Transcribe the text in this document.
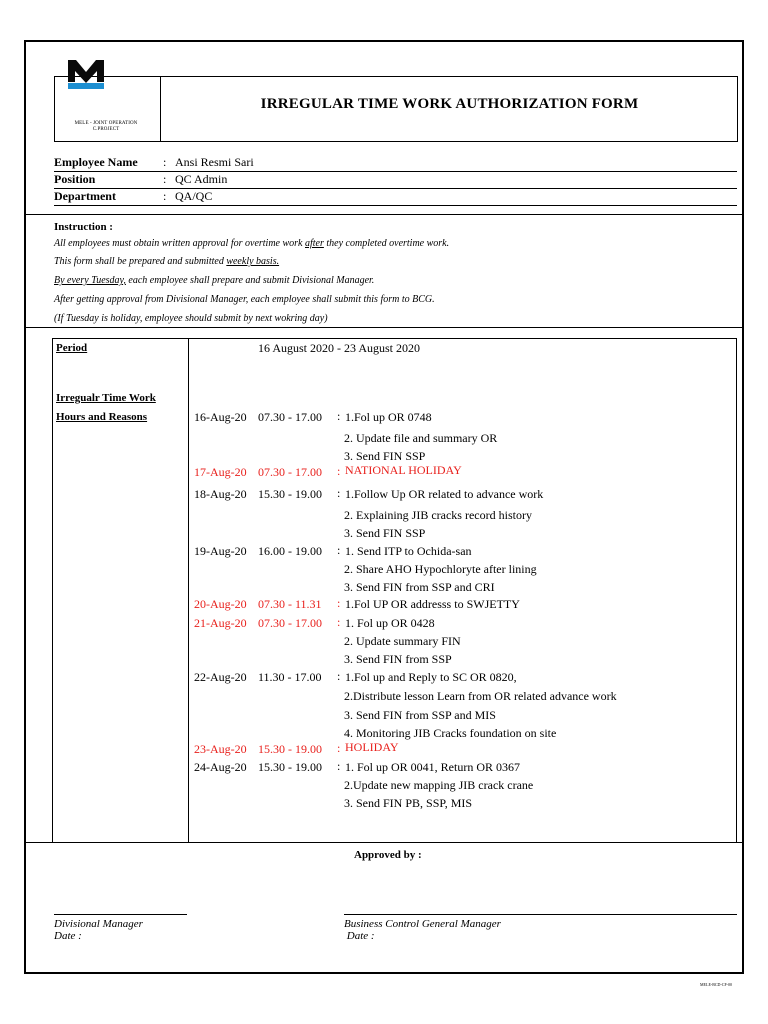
MELE - JOINT OPERATION
C.PROJECT
IRREGULAR TIME WORK AUTHORIZATION FORM
Employee Name : Ansi Resmi Sari
Position	: QC Admin
Department	: QA/QC
Instruction :
All employees must obtain written approval for overtime work after they completed overtime work.
This form shall be prepared and submitted weekly basis.
By every Tuesday, each employee shall prepare and submit Divisional Manager.
After getting approval from Divisional Manager, each employee shall submit this form to BCG.
(If Tuesday is holiday, employee should submit by next wokring day)
Period	16 August 2020 - 23 August 2020
Irregualr Time Work
Hours and Reasons	16-Aug-20 07.30 - 17.00 : 1.Fol up OR 0748
2. Update file and summary OR
3. Send FIN SSP
17-Aug-20 07.30 - 17.00 : NATIONAL HOLIDAY
18-Aug-20 15.30 - 19.00 : 1.Follow Up OR related to advance work
2. Explaining JIB cracks record history
3. Send FIN SSP
19-Aug-20 16.00 - 19.00 : 1. Send ITP to Ochida-san
2. Share AHO Hypochloryte after lining
3. Send FIN from SSP and CRI
20-Aug-20 07.30 - 11.31 : 1.Fol UP OR addresss to SWJETTY
21-Aug-20 07.30 - 17.00 : 1. Fol up OR 0428
2. Update summary FIN
3. Send FIN from SSP
22-Aug-20 11.30 - 17.00 : 1.Fol up and Reply to SC OR 0820,
2.Distribute lesson Learn from OR related advance work
3. Send FIN from SSP and MIS
4. Monitoring JIB Cracks foundation on site
23-Aug-20 15.30 - 19.00 : HOLIDAY
24-Aug-20 15.30 - 19.00 : 1. Fol up OR 0041, Return OR 0367
2.Update new mapping JIB crack crane
3. Send FIN PB, SSP, MIS
Approved by :
Divisional Manager
Date :
Business Control General Manager
Date :
MELE-BCD-CF-00
